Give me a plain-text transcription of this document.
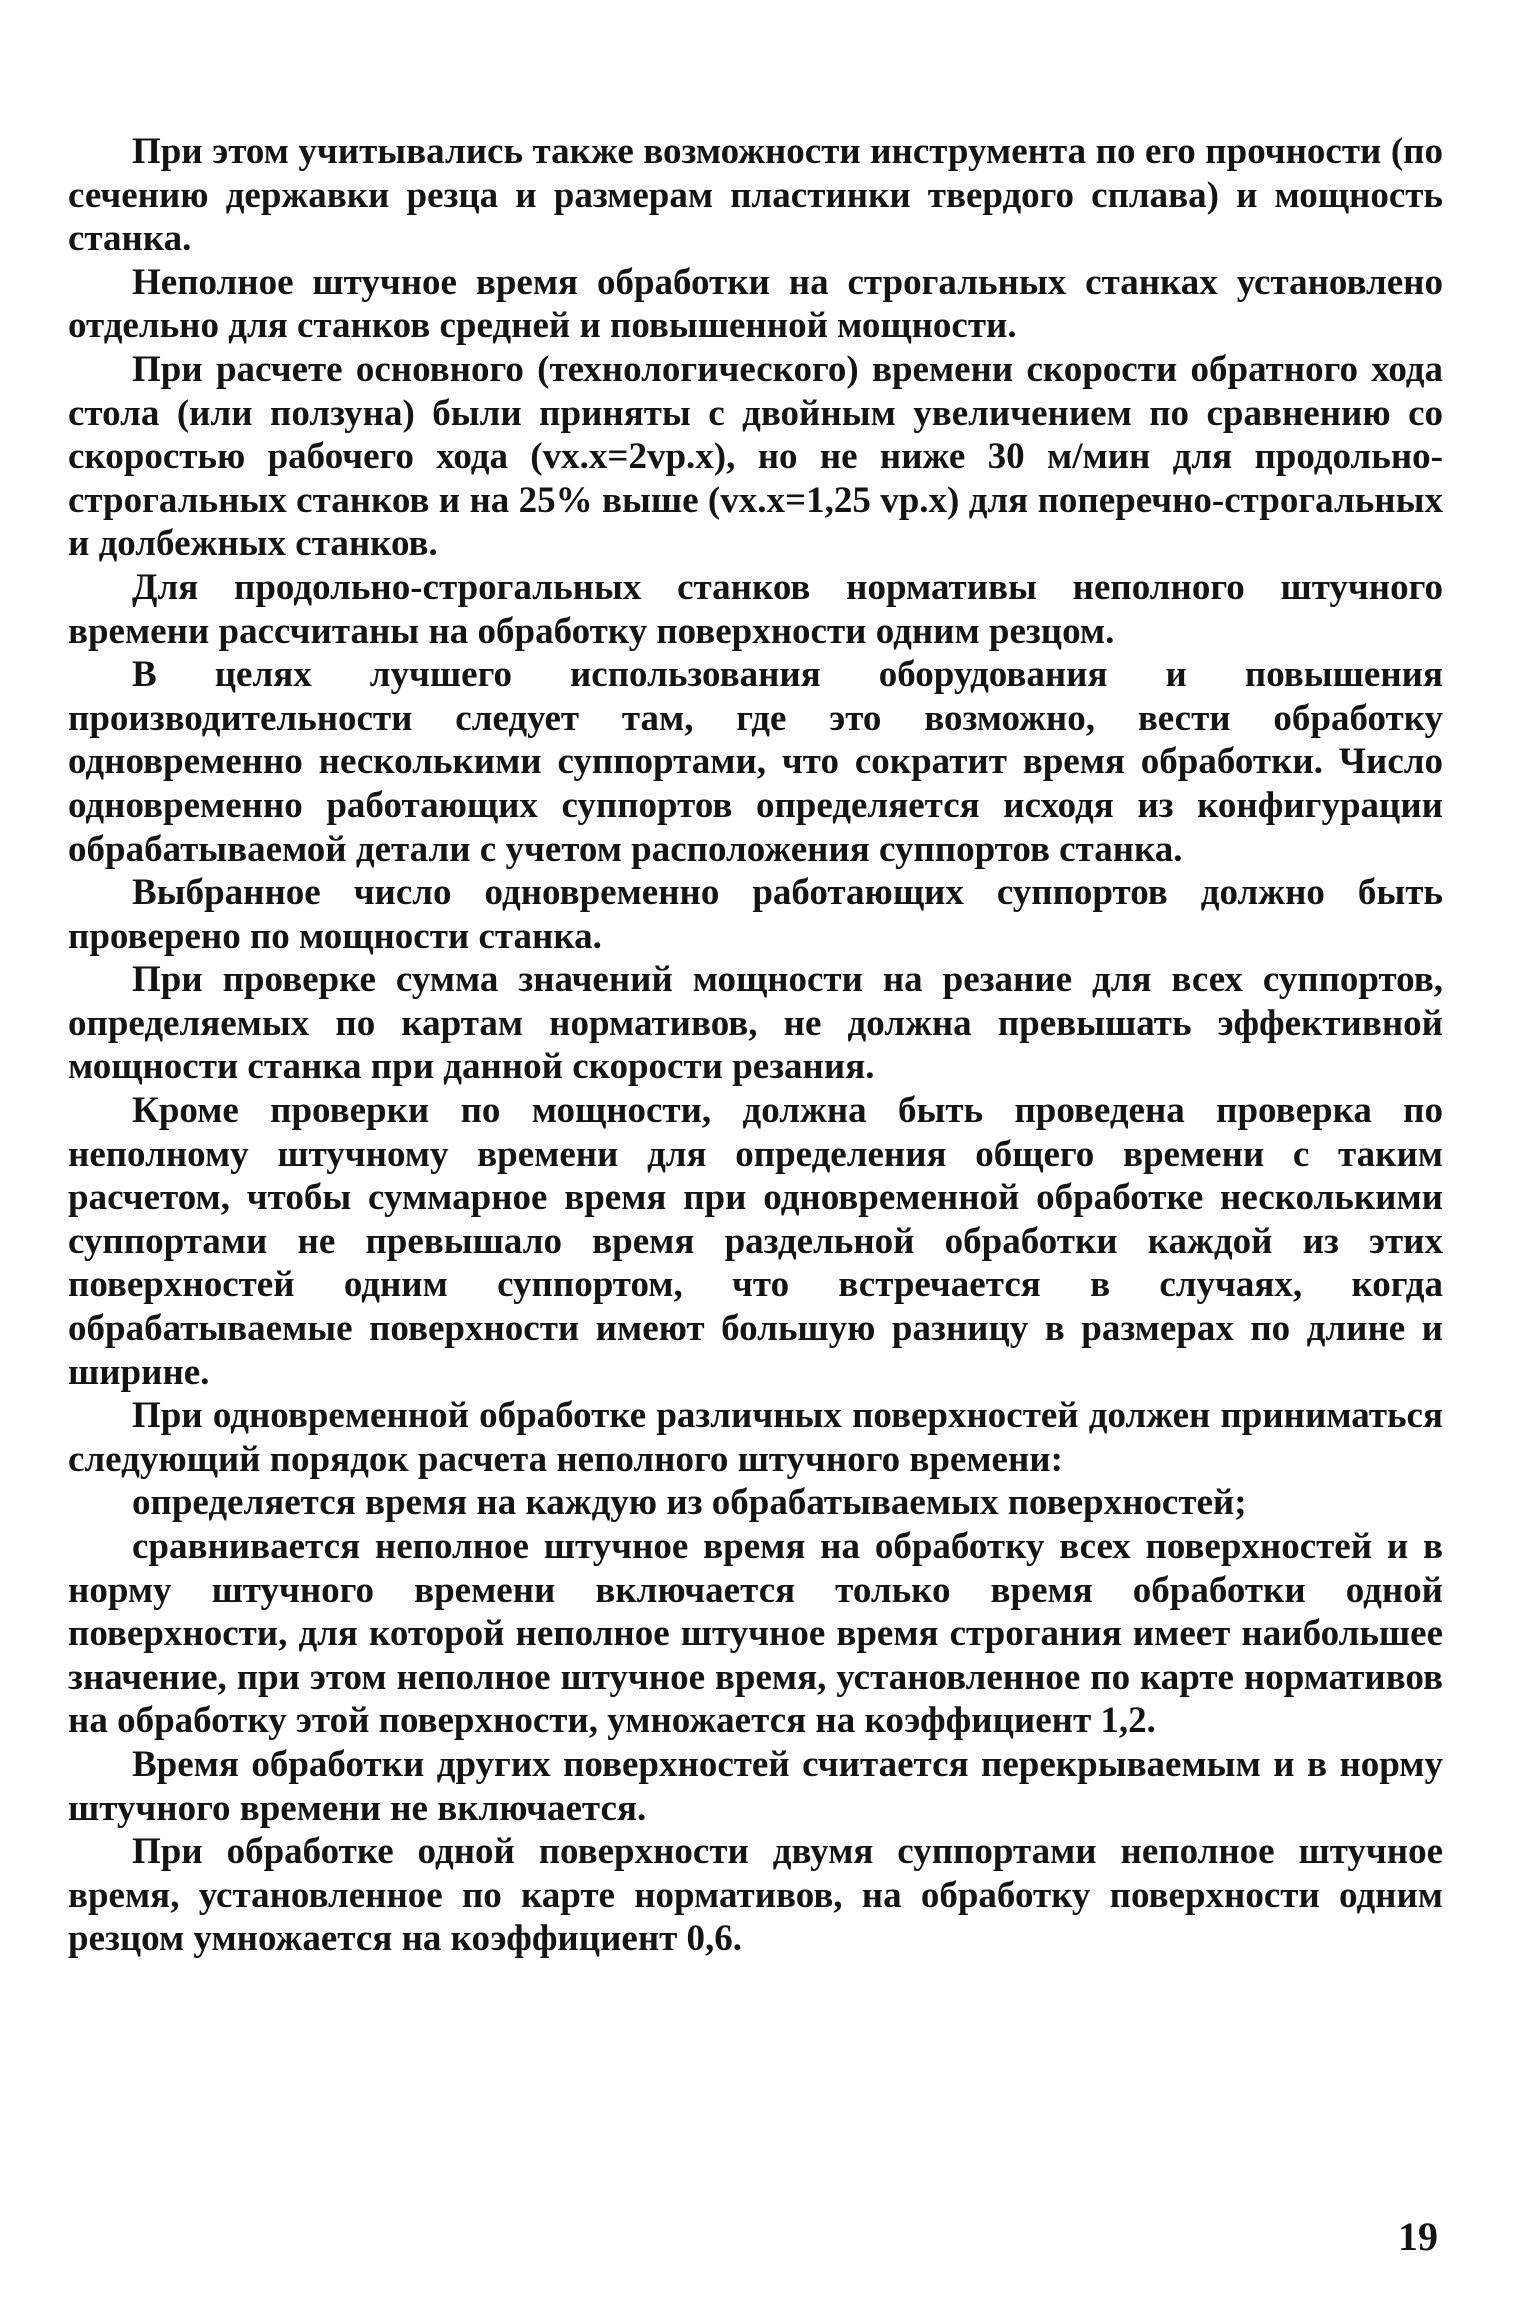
При этом учитывались также возможности инструмента по его прочности (по сечению державки резца и размерам пластинки твердого сплава) и мощность станка.

Неполное штучное время обработки на строгальных станках установлено отдельно для станков средней и повышенной мощности.

При расчете основного (технологического) времени скорости обратного хода стола (или ползуна) были приняты с двойным увеличением по сравнению со скоростью рабочего хода (vх.х=2vр.х), но не ниже 30 м/мин для продольно-строгальных станков и на 25% выше (vх.х=1,25 vр.х) для поперечно-строгальных и долбежных станков.

Для продольно-строгальных станков нормативы неполного штучного времени рассчитаны на обработку поверхности одним резцом.

В целях лучшего использования оборудования и повышения производительности следует там, где это возможно, вести обработку одновременно несколькими суппортами, что сократит время обработки. Число одновременно работающих суппортов определяется исходя из конфигурации обрабатываемой детали с учетом расположения суппортов станка.

Выбранное число одновременно работающих суппортов должно быть проверено по мощности станка.

При проверке сумма значений мощности на резание для всех суппортов, определяемых по картам нормативов, не должна превышать эффективной мощности станка при данной скорости резания.

Кроме проверки по мощности, должна быть проведена проверка по неполному штучному времени для определения общего времени с таким расчетом, чтобы суммарное время при одновременной обработке несколькими суппортами не превышало время раздельной обработки каждой из этих поверхностей одним суппортом, что встречается в случаях, когда обрабатываемые поверхности имеют большую разницу в размерах по длине и ширине.

При одновременной обработке различных поверхностей должен приниматься следующий порядок расчета неполного штучного времени:

определяется время на каждую из обрабатываемых поверхностей;

сравнивается неполное штучное время на обработку всех поверхностей и в норму штучного времени включается только время обработки одной поверхности, для которой неполное штучное время строгания имеет наибольшее значение, при этом неполное штучное время, установленное по карте нормативов на обработку этой поверхности, умножается на коэффициент 1,2.

Время обработки других поверхностей считается перекрываемым и в норму штучного времени не включается.

При обработке одной поверхности двумя суппортами неполное штучное время, установленное по карте нормативов, на обработку поверхности одним резцом умножается на коэффициент 0,6.

19
